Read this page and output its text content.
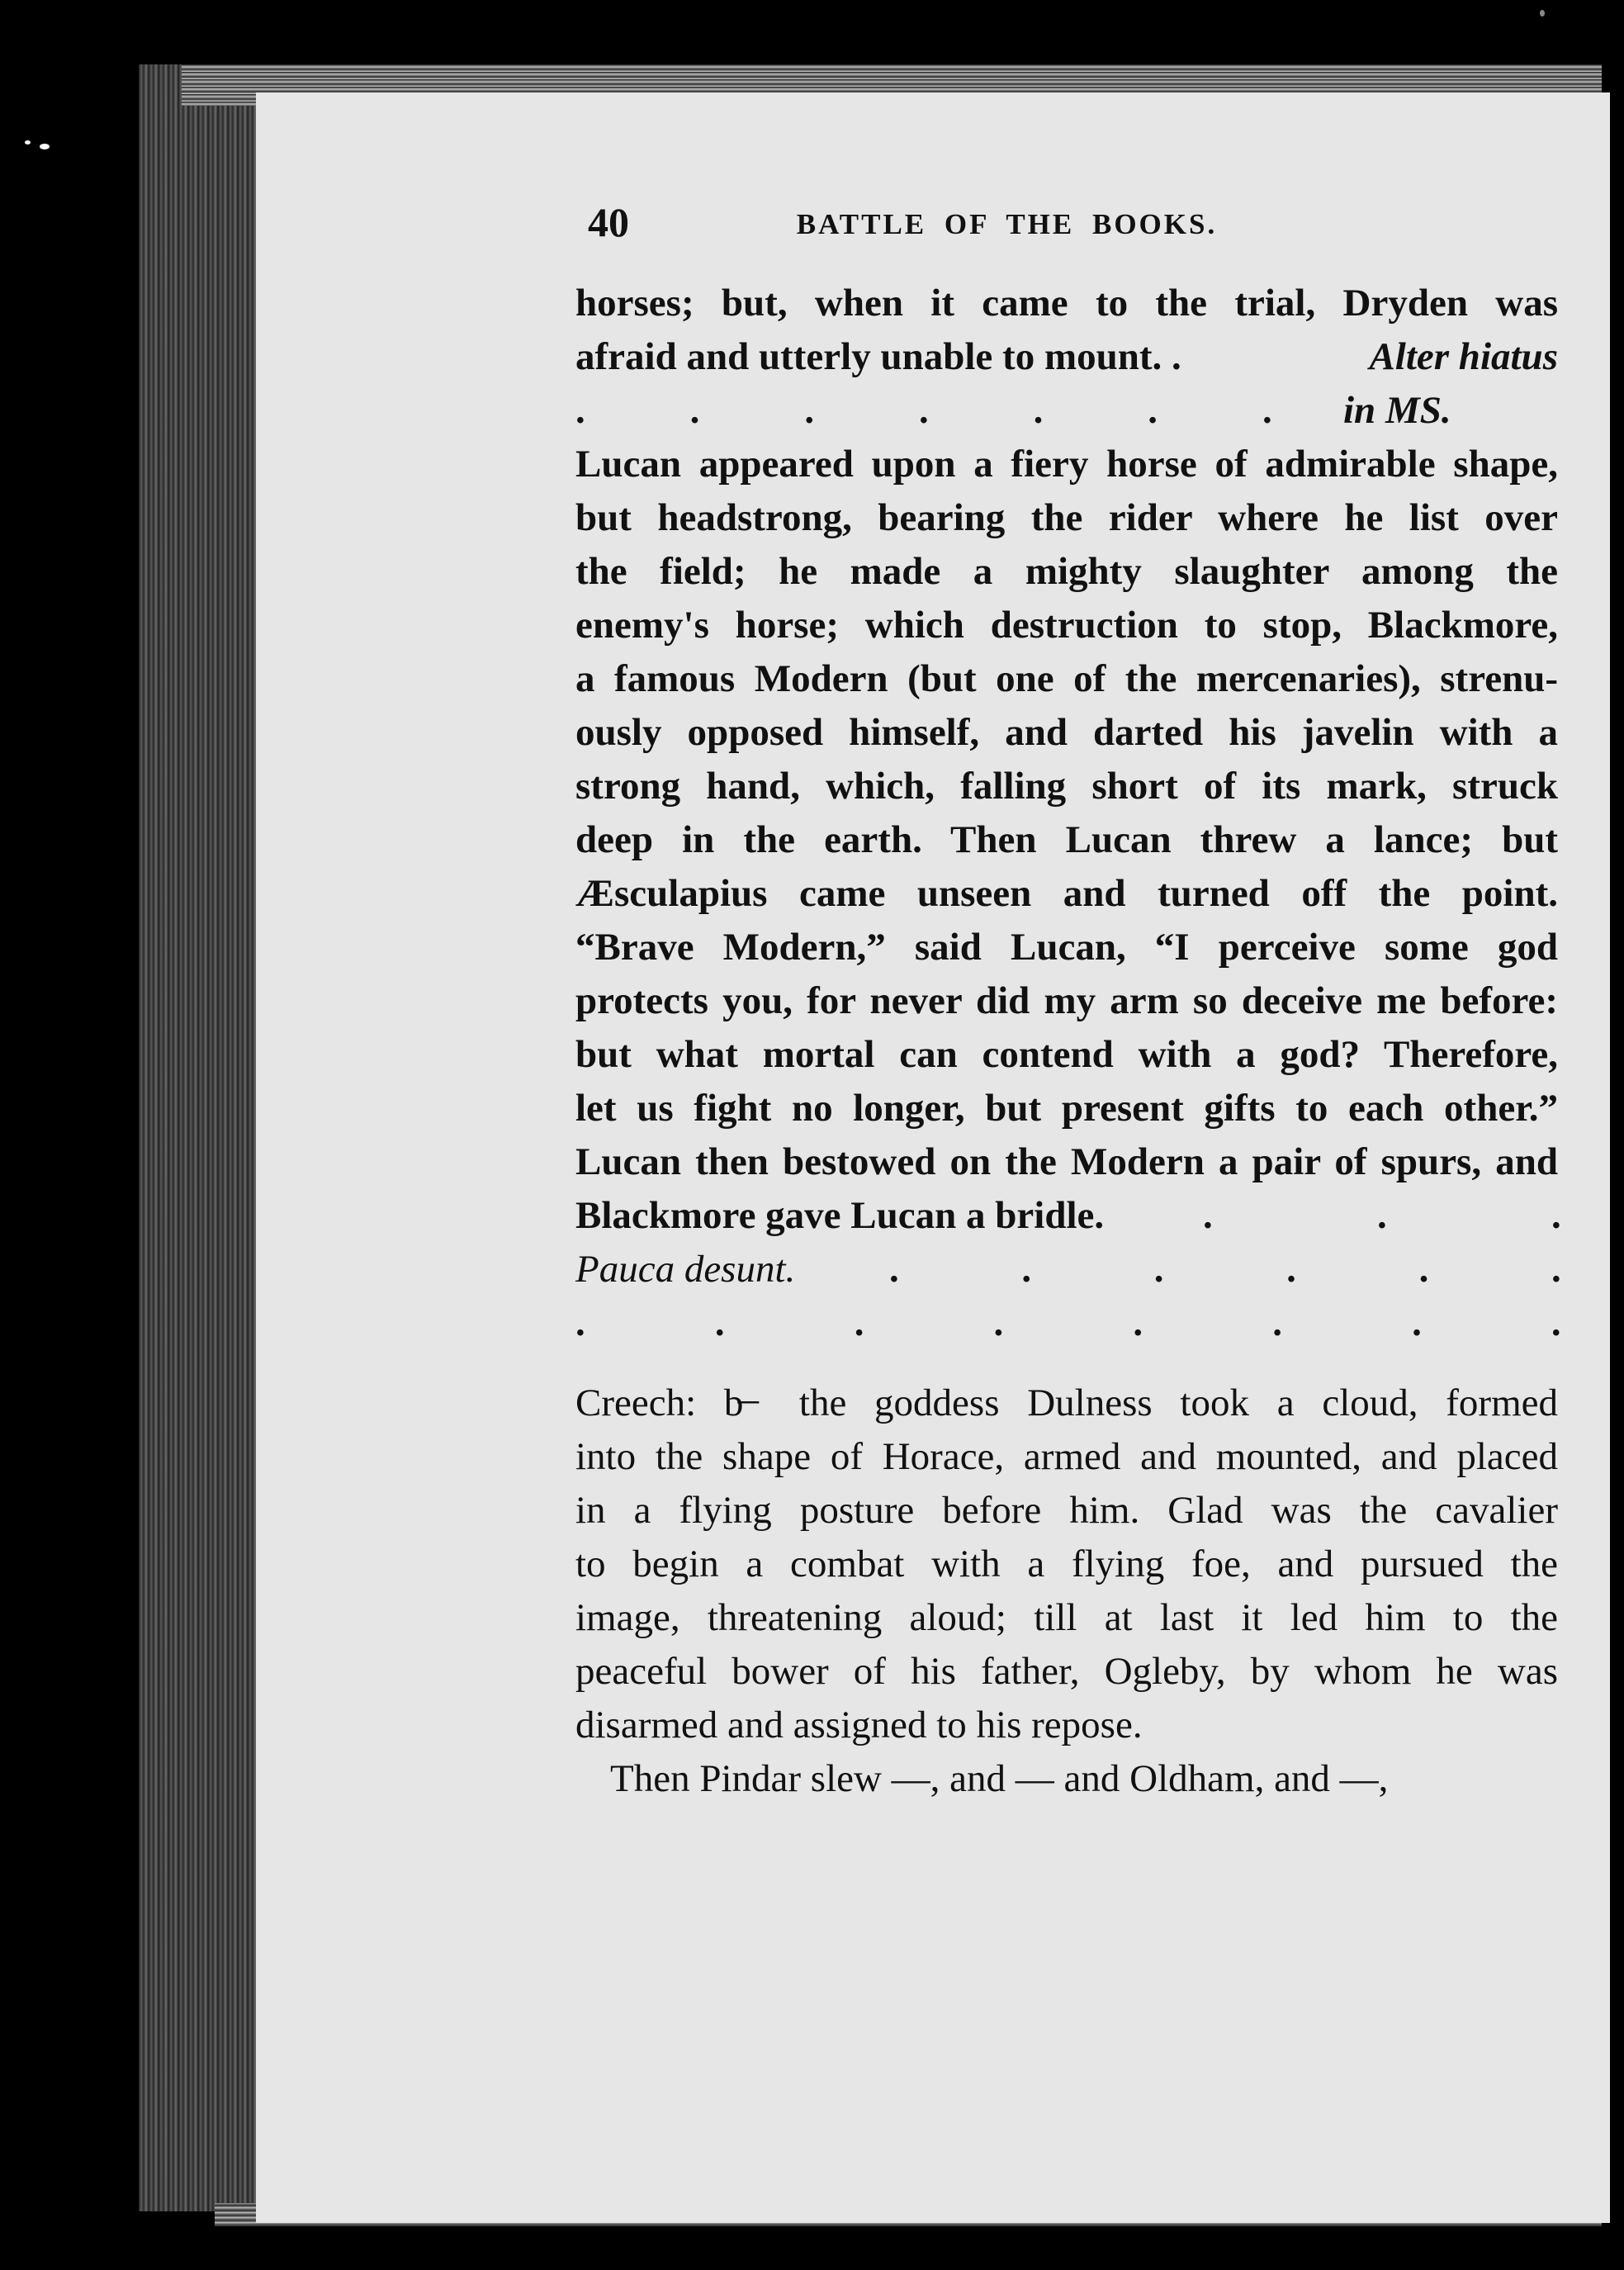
40	BATTLE OF THE BOOKS.
horses; but, when it came to the trial, Dryden was
afraid and utterly unable to mount. .	Alter hiatus
.	.	.	.	.	.	. in MS.
Lucan appeared upon a fiery horse of admirable shape,
but headstrong, bearing the rider where he list over
the field; he made a mighty slaughter among the
enemy's horse; which destruction to stop, Blackmore,
a famous Modern (but one of the mercenaries), strenu-
ously opposed himself, and darted his javelin with a
strong hand, which, falling short of its mark, struck
deep in the earth. Then Lucan threw a lance; but
Æsculapius came unseen and turned off the point.
“Brave Modern,” said Lucan, “I perceive some god
protects you, for never did my arm so deceive me before:
but what mortal can contend with a god? Therefore,
let us fight no longer, but present gifts to each other.”
Lucan then bestowed on the Modern a pair of spurs, and
Blackmore gave Lucan a bridle.	.	.	.
Pauca desunt.	.	.	.	.	.	.
.	.	.	.	.	.	.	.
Creech: b̵ ̵ the goddess Dulness took a cloud, formed
into the shape of Horace, armed and mounted, and placed
in a flying posture before him. Glad was the cavalier
to begin a combat with a flying foe, and pursued the
image, threatening aloud; till at last it led him to the
peaceful bower of his father, Ogleby, by whom he was
disarmed and assigned to his repose.
Then Pindar slew —, and — and Oldham, and —,
